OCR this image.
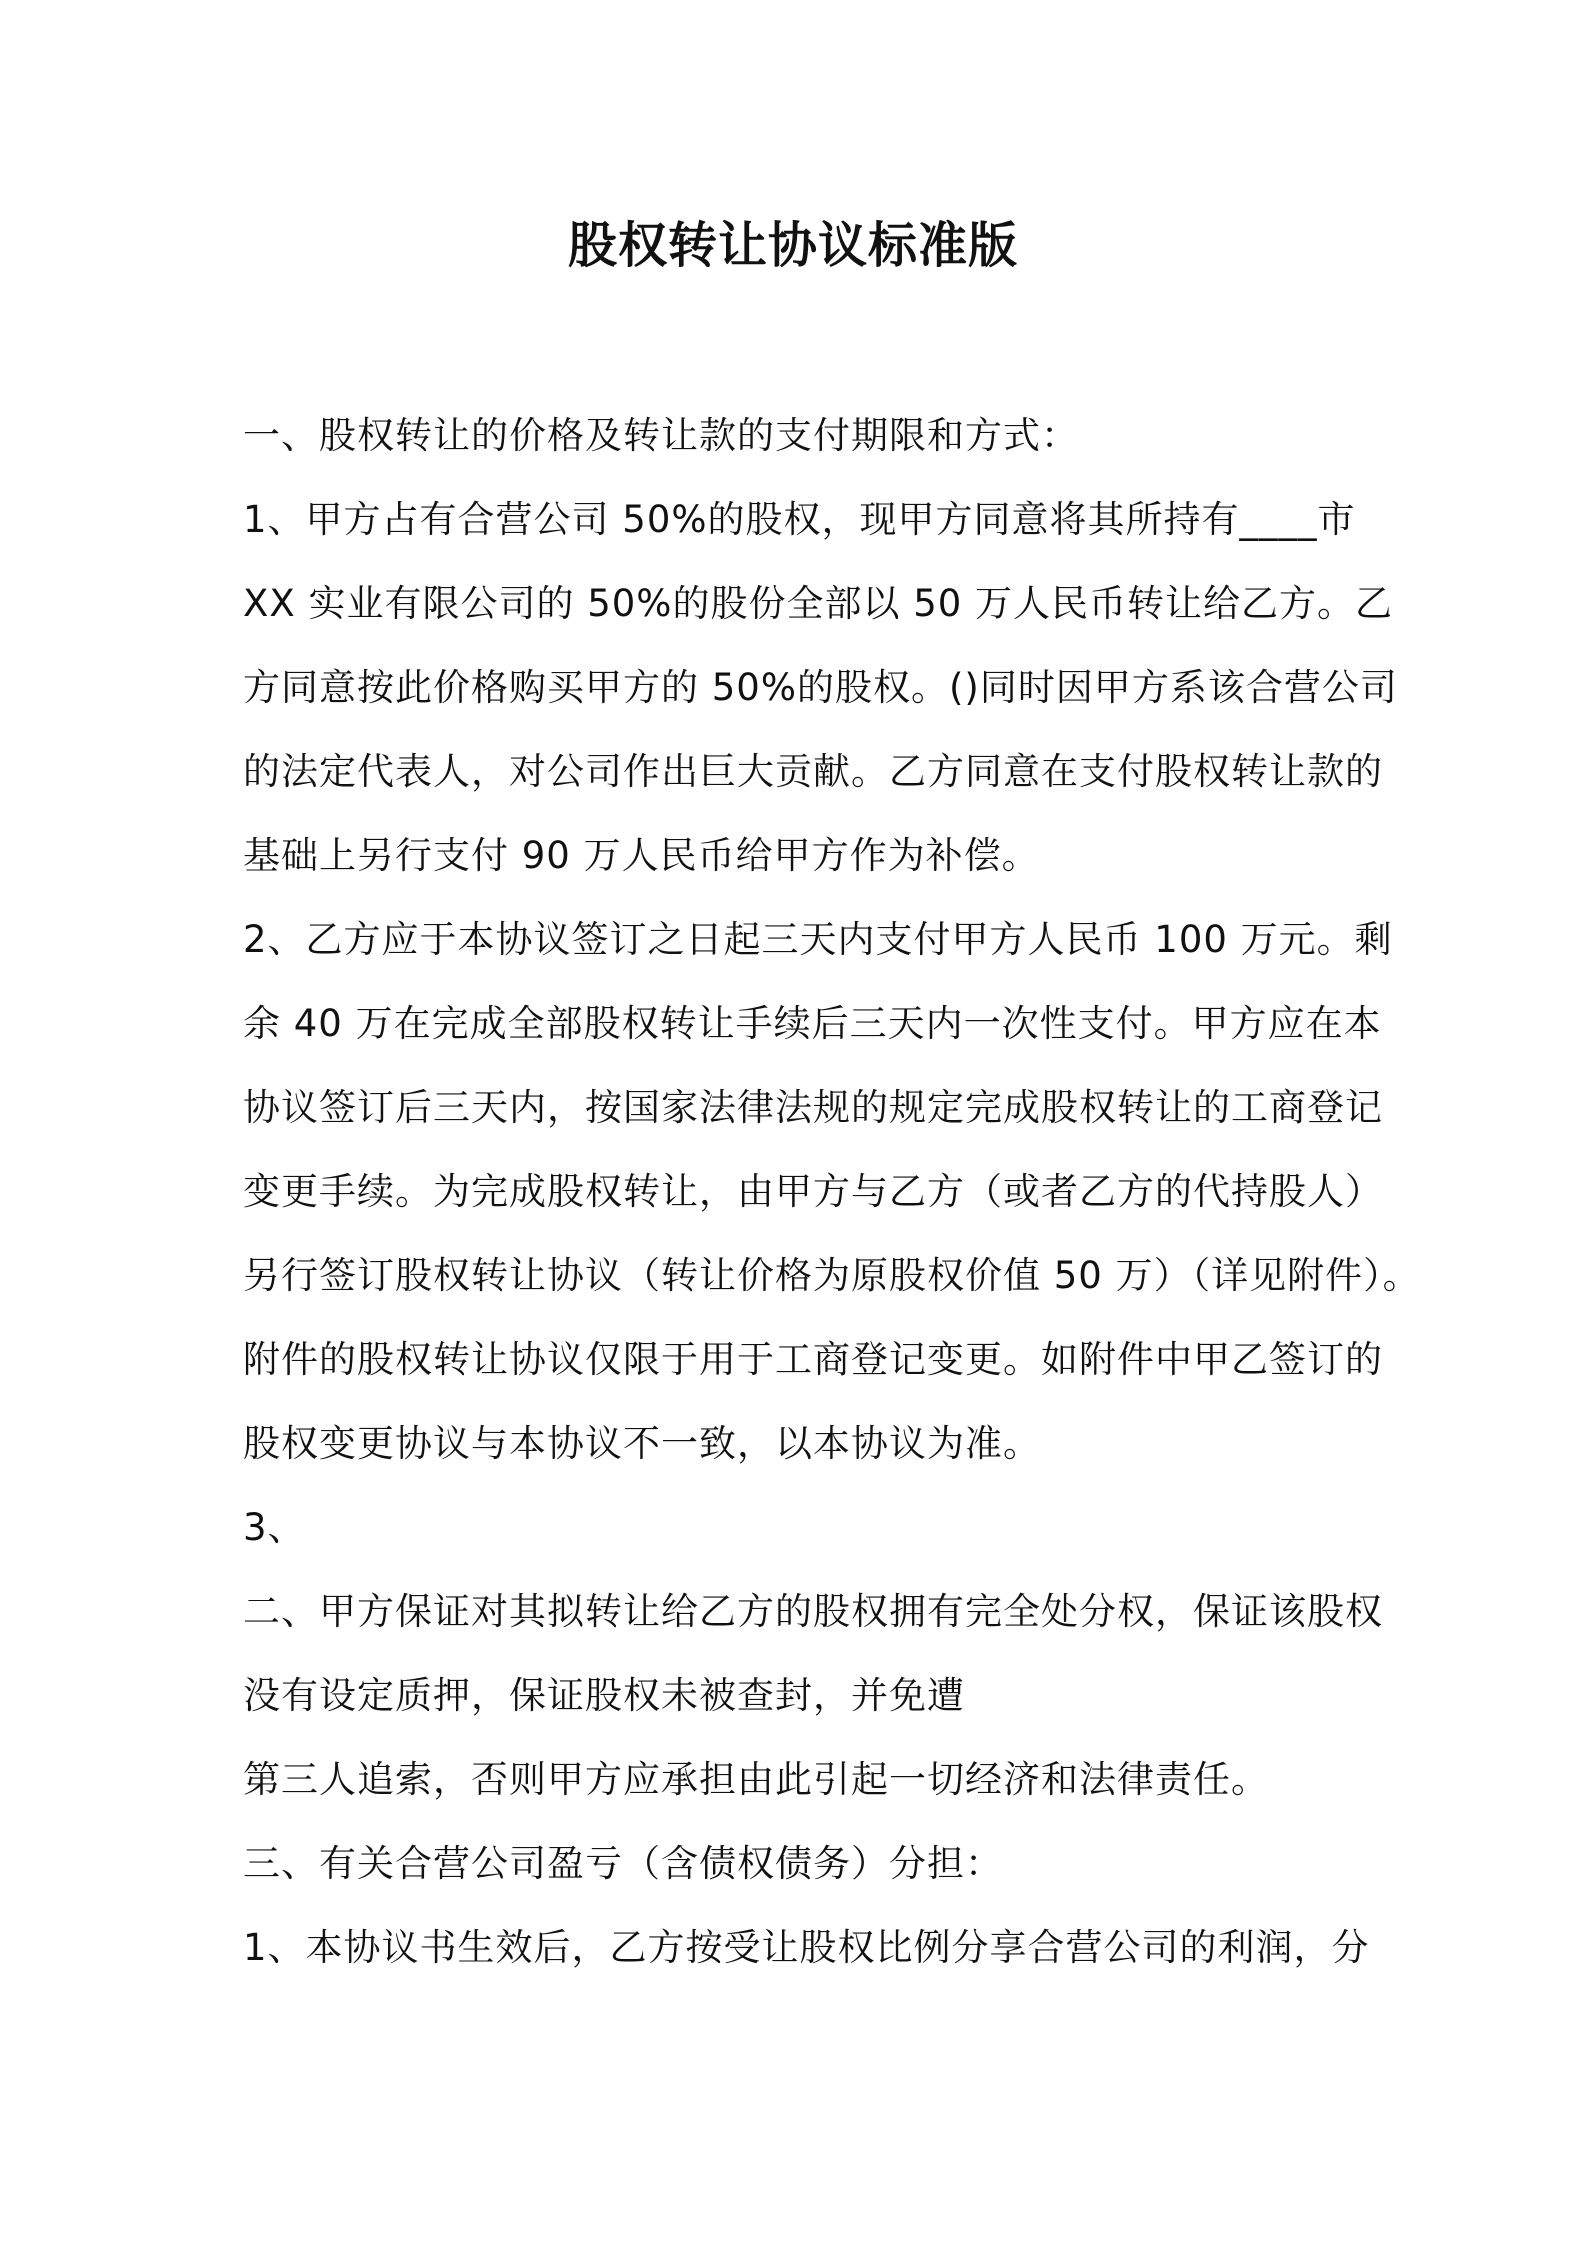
股权转让协议标准版
一、股权转让的价格及转让款的支付期限和方式：
1、甲方占有合营公司 50%的股权，现甲方同意将其所持有____市
XX 实业有限公司的 50%的股份全部以 50 万人民币转让给乙方。乙
方同意按此价格购买甲方的 50%的股权。()同时因甲方系该合营公司
的法定代表人，对公司作出巨大贡献。乙方同意在支付股权转让款的
基础上另行支付 90 万人民币给甲方作为补偿。
2、乙方应于本协议签订之日起三天内支付甲方人民币 100 万元。剩
余 40 万在完成全部股权转让手续后三天内一次性支付。甲方应在本
协议签订后三天内，按国家法律法规的规定完成股权转让的工商登记
变更手续。为完成股权转让，由甲方与乙方（或者乙方的代持股人）
另行签订股权转让协议（转让价格为原股权价值 50 万）（详见附件）。
附件的股权转让协议仅限于用于工商登记变更。如附件中甲乙签订的
股权变更协议与本协议不一致，以本协议为准。
3、
二、甲方保证对其拟转让给乙方的股权拥有完全处分权，保证该股权
没有设定质押，保证股权未被查封，并免遭
第三人追索，否则甲方应承担由此引起一切经济和法律责任。
三、有关合营公司盈亏（含债权债务）分担：
1、本协议书生效后，乙方按受让股权比例分享合营公司的利润，分
